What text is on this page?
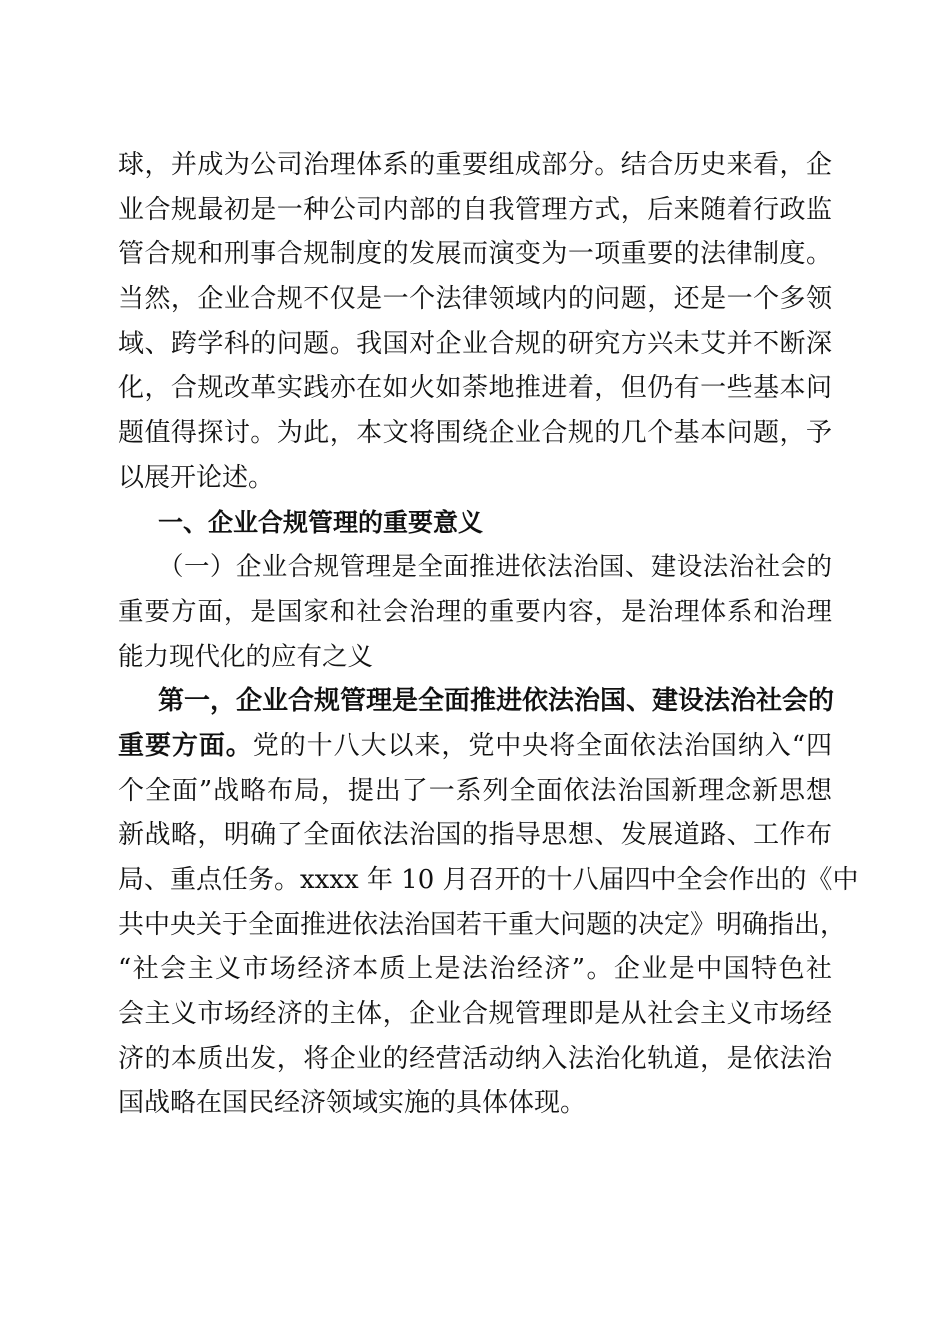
球，并成为公司治理体系的重要组成部分。结合历史来看，企
业合规最初是一种公司内部的自我管理方式，后来随着行政监
管合规和刑事合规制度的发展而演变为一项重要的法律制度。
当然，企业合规不仅是一个法律领域内的问题，还是一个多领
域、跨学科的问题。我国对企业合规的研究方兴未艾并不断深
化，合规改革实践亦在如火如荼地推进着，但仍有一些基本问
题值得探讨。为此，本文将围绕企业合规的几个基本问题，予
以展开论述。
一、企业合规管理的重要意义
（一）企业合规管理是全面推进依法治国、建设法治社会的
重要方面，是国家和社会治理的重要内容，是治理体系和治理
能力现代化的应有之义
第一，企业合规管理是全面推进依法治国、建设法治社会的
重要方面。党的十八大以来，党中央将全面依法治国纳入“四
个全面”战略布局，提出了一系列全面依法治国新理念新思想
新战略，明确了全面依法治国的指导思想、发展道路、工作布
局、重点任务。xxxx 年 10 月召开的十八届四中全会作出的《中
共中央关于全面推进依法治国若干重大问题的决定》明确指出，
“社会主义市场经济本质上是法治经济”。企业是中国特色社
会主义市场经济的主体，企业合规管理即是从社会主义市场经
济的本质出发，将企业的经营活动纳入法治化轨道，是依法治
国战略在国民经济领域实施的具体体现。
